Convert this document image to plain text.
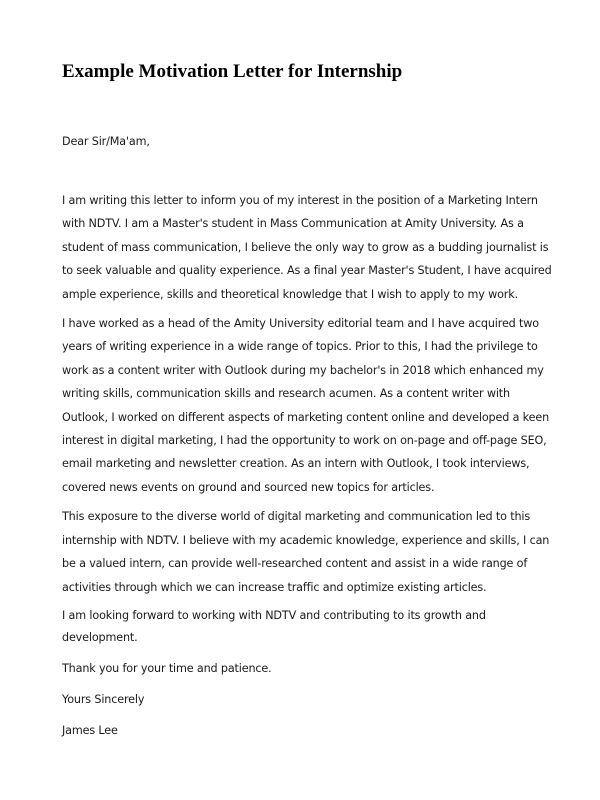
Example Motivation Letter for Internship

Dear Sir/Ma'am,

I am writing this letter to inform you of my interest in the position of a Marketing Intern with NDTV. I am a Master's student in Mass Communication at Amity University. As a student of mass communication, I believe the only way to grow as a budding journalist is to seek valuable and quality experience. As a final year Master's Student, I have acquired ample experience, skills and theoretical knowledge that I wish to apply to my work.

I have worked as a head of the Amity University editorial team and I have acquired two years of writing experience in a wide range of topics. Prior to this, I had the privilege to work as a content writer with Outlook during my bachelor's in 2018 which enhanced my writing skills, communication skills and research acumen. As a content writer with Outlook, I worked on different aspects of marketing content online and developed a keen interest in digital marketing, I had the opportunity to work on on-page and off-page SEO, email marketing and newsletter creation. As an intern with Outlook, I took interviews, covered news events on ground and sourced new topics for articles.

This exposure to the diverse world of digital marketing and communication led to this internship with NDTV. I believe with my academic knowledge, experience and skills, I can be a valued intern, can provide well-researched content and assist in a wide range of activities through which we can increase traffic and optimize existing articles.

I am looking forward to working with NDTV and contributing to its growth and development.

Thank you for your time and patience.

Yours Sincerely

James Lee
